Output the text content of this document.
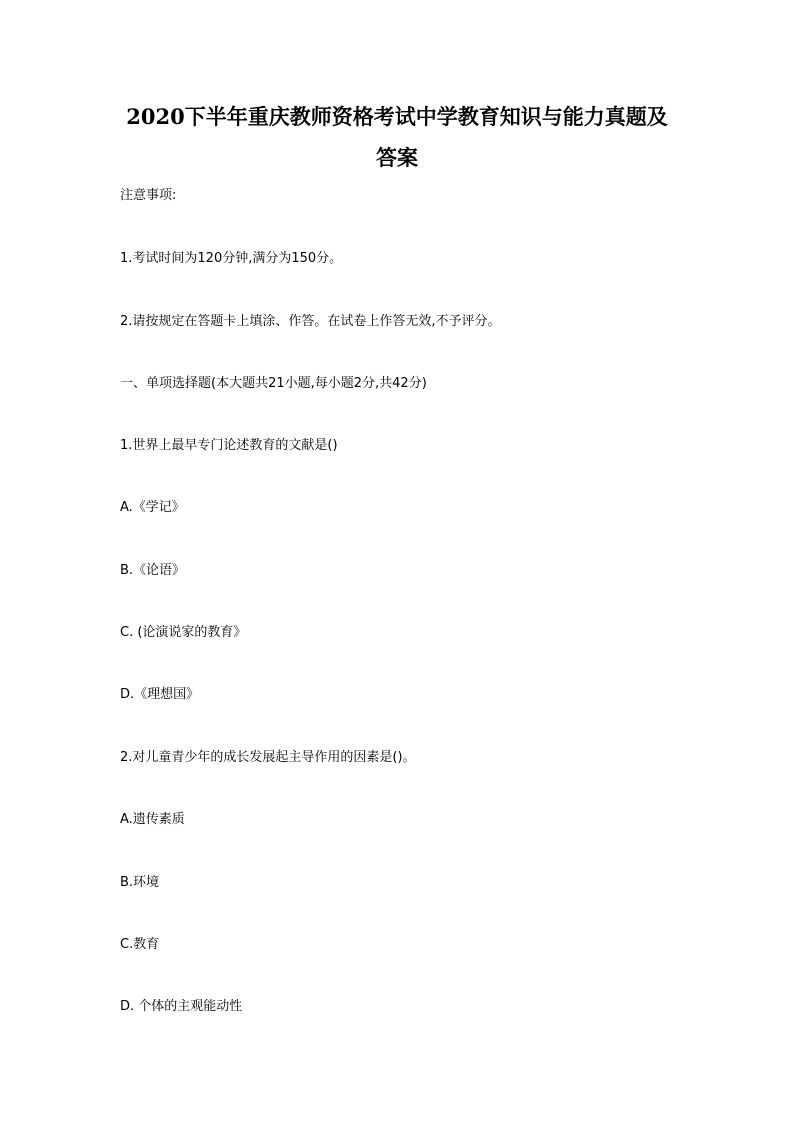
2020下半年重庆教师资格考试中学教育知识与能力真题及
答案

注意事项:

1.考试时间为120分钟,满分为150分。

2.请按规定在答题卡上填涂、作答。在试卷上作答无效,不予评分。

一、单项选择题(本大题共21小题,每小题2分,共42分)

1.世界上最早专门论述教育的文献是()

A.《学记》

B.《论语》

C. (论演说家的教育》

D.《理想国》

2.对儿童青少年的成长发展起主导作用的因素是()。

A.遗传素质

B.环境

C.教育

D. 个体的主观能动性
